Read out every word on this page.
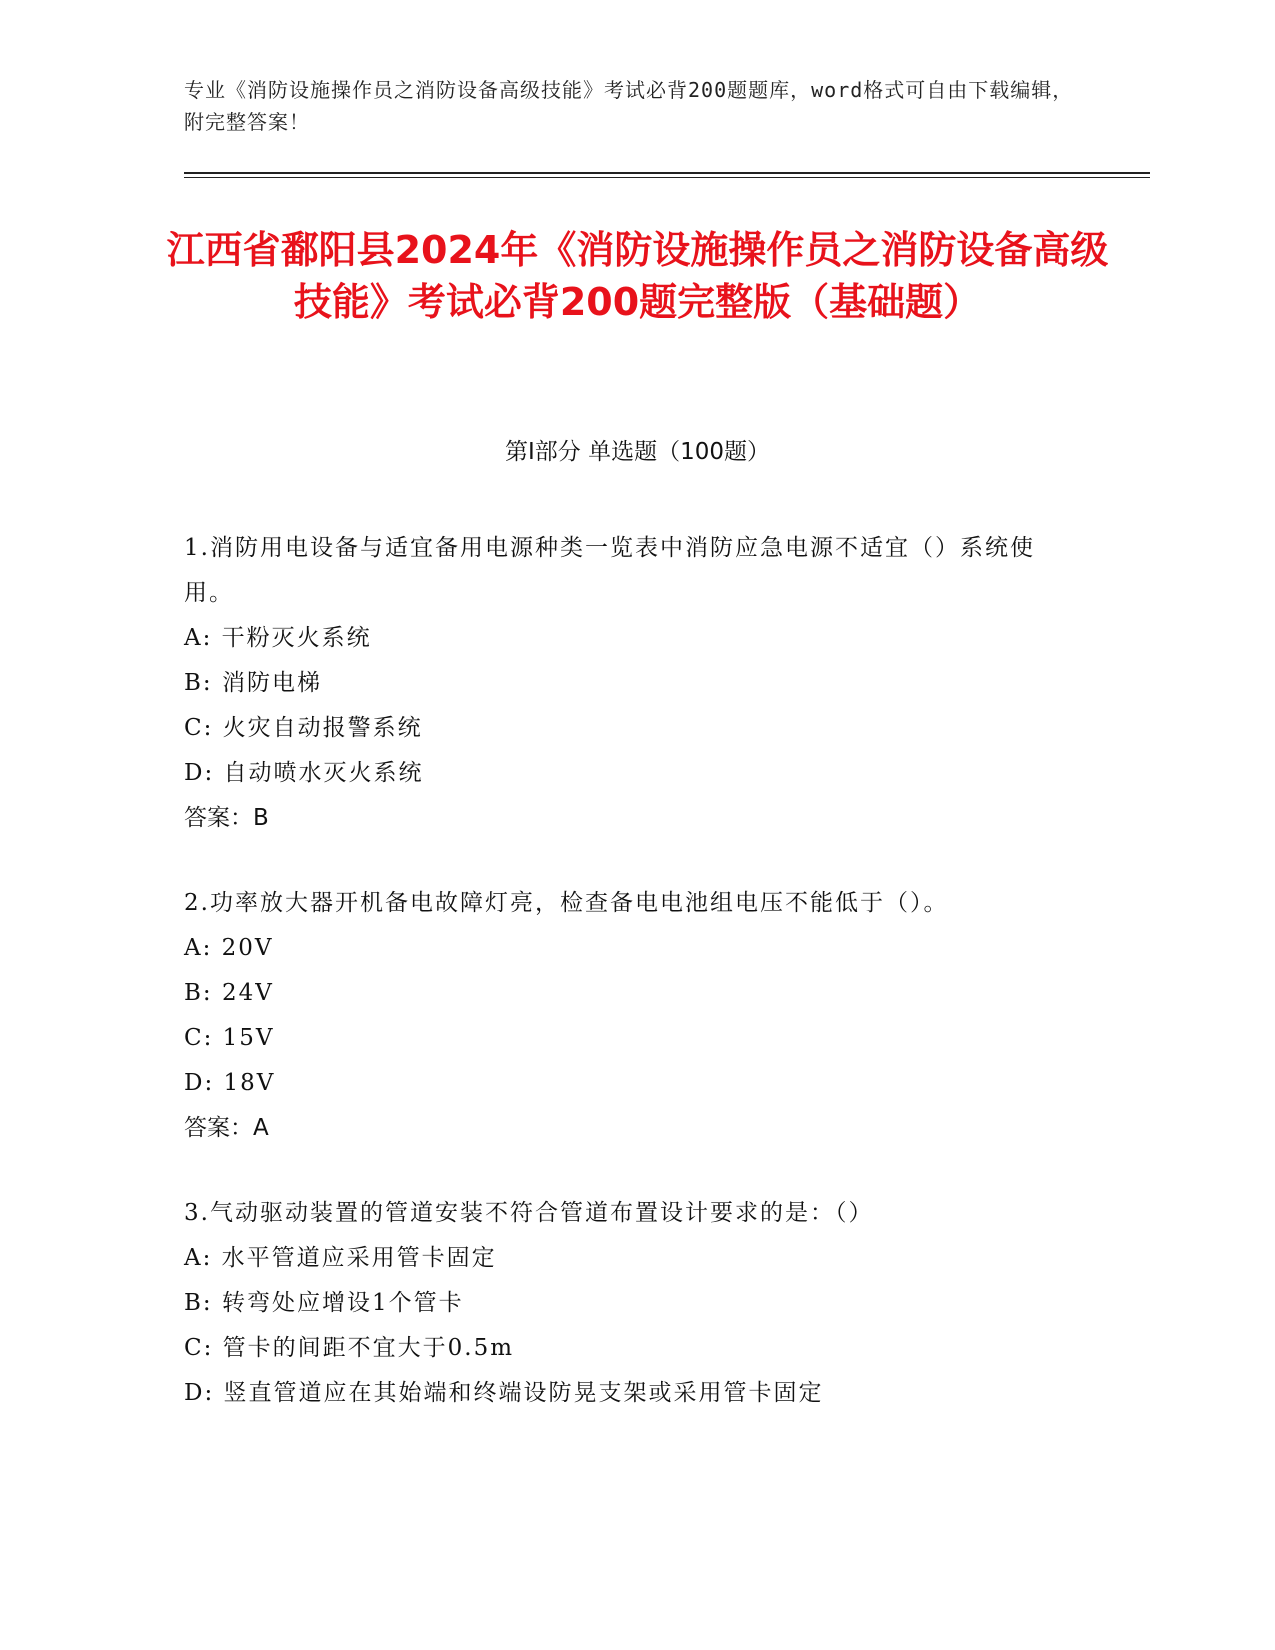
专业《消防设施操作员之消防设备高级技能》考试必背200题题库，word格式可自由下载编辑，附完整答案！
江西省鄱阳县2024年《消防设施操作员之消防设备高级技能》考试必背200题完整版（基础题）
第I部分 单选题（100题）

1.消防用电设备与适宜备用电源种类一览表中消防应急电源不适宜（）系统使用。

A: 干粉灭火系统

B: 消防电梯

C: 火灾自动报警系统

D: 自动喷水灭火系统

答案：B

2.功率放大器开机备电故障灯亮，检查备电电池组电压不能低于（）。

A: 20V

B: 24V

C: 15V

D: 18V

答案：A

3.气动驱动装置的管道安装不符合管道布置设计要求的是：（）

A: 水平管道应采用管卡固定

B: 转弯处应增设1个管卡

C: 管卡的间距不宜大于0.5m

D: 竖直管道应在其始端和终端设防晃支架或采用管卡固定
